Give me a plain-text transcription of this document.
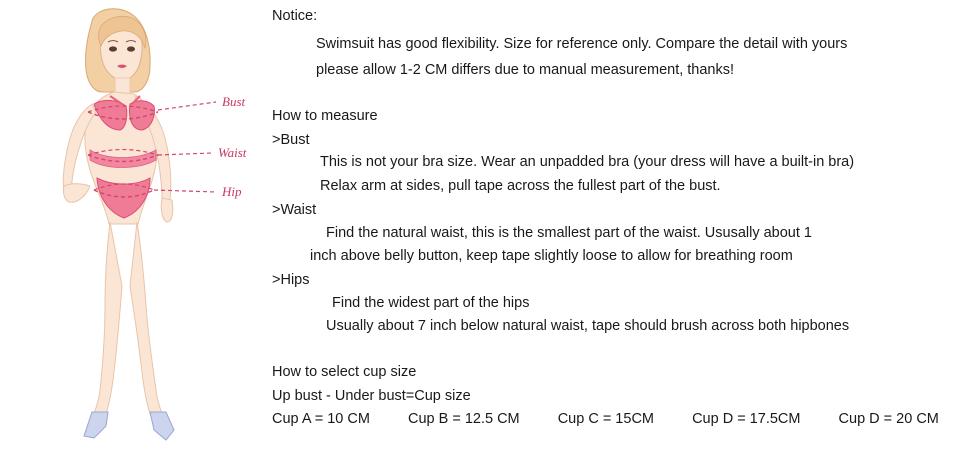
Bust
Waist
Hip
Notice:
Swimsuit has good flexibility. Size for reference only. Compare the detail with yours
please allow 1-2 CM differs due to manual measurement, thanks!
How to measure
>Bust
This is not your bra size. Wear an unpadded bra (your dress will have a built-in bra)
Relax arm at sides, pull tape across the fullest part of the bust.
>Waist
Find the natural waist, this is the smallest part of the waist. Ususally about 1
inch above belly button, keep tape slightly loose to allow for breathing room
>Hips
Find the widest part of the hips
Usually about 7 inch below natural waist, tape should brush across both hipbones
How to select cup size
Up bust - Under bust=Cup size
Cup A = 10 CM	Cup B = 12.5 CM	Cup C = 15CM	Cup D = 17.5CM	Cup D = 20 CM
